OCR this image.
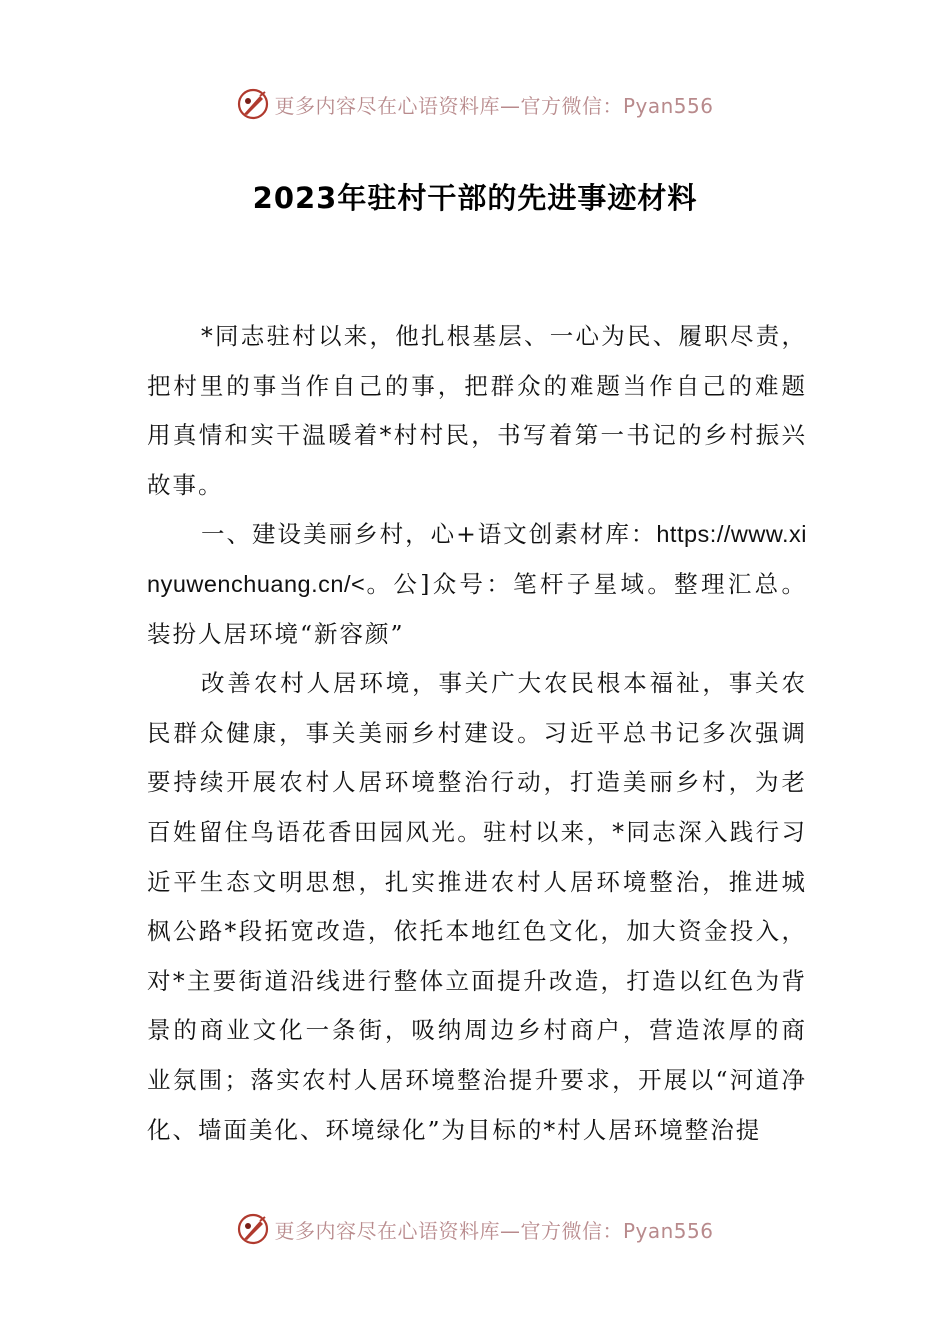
更多内容尽在心语资料库—官方微信：Pyan556
2023年驻村干部的先进事迹材料

*同志驻村以来，他扎根基层、一心为民、履职尽责，把村里的事当作自己的事，把群众的难题当作自己的难题用真情和实干温暖着*村村民，书写着第一书记的乡村振兴故事。

一、建设美丽乡村，心+语文创素材库：https://www.xinyuwenchuang.cn/<。公]众号：笔杆子星域。整理汇总。装扮人居环境“新容颜”

改善农村人居环境，事关广大农民根本福祉，事关农民群众健康，事关美丽乡村建设。习近平总书记多次强调要持续开展农村人居环境整治行动，打造美丽乡村，为老百姓留住鸟语花香田园风光。驻村以来，*同志深入践行习近平生态文明思想，扎实推进农村人居环境整治，推进城枫公路*段拓宽改造，依托本地红色文化，加大资金投入，对*主要街道沿线进行整体立面提升改造，打造以红色为背景的商业文化一条街，吸纳周边乡村商户，营造浓厚的商业氛围；落实农村人居环境整治提升要求，开展以“河道净化、墙面美化、环境绿化”为目标的*村人居环境整治提

更多内容尽在心语资料库—官方微信：Pyan556
